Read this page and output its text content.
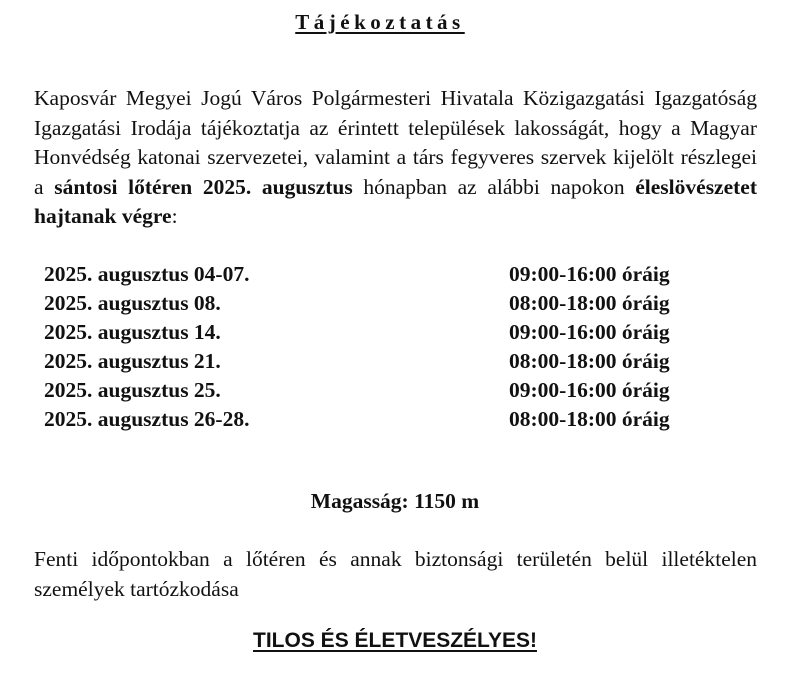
Tájékoztatás

Kaposvár Megyei Jogú Város Polgármesteri Hivatala Közigazgatási Igazgatóság Igazgatási Irodája tájékoztatja az érintett települések lakosságát, hogy a Magyar Honvédség katonai szervezetei, valamint a társ fegyveres szervek kijelölt részlegei a sántosi lőtéren 2025. augusztus hónapban az alábbi napokon éleslövészetet hajtanak végre:

2025. augusztus 04-07.	09:00-16:00 óráig
2025. augusztus 08.	08:00-18:00 óráig
2025. augusztus 14.	09:00-16:00 óráig
2025. augusztus 21.	08:00-18:00 óráig
2025. augusztus 25.	09:00-16:00 óráig
2025. augusztus 26-28.	08:00-18:00 óráig
Magasság: 1150 m

Fenti időpontokban a lőtéren és annak biztonsági területén belül illetéktelen személyek tartózkodása

TILOS ÉS ÉLETVESZÉLYES!
